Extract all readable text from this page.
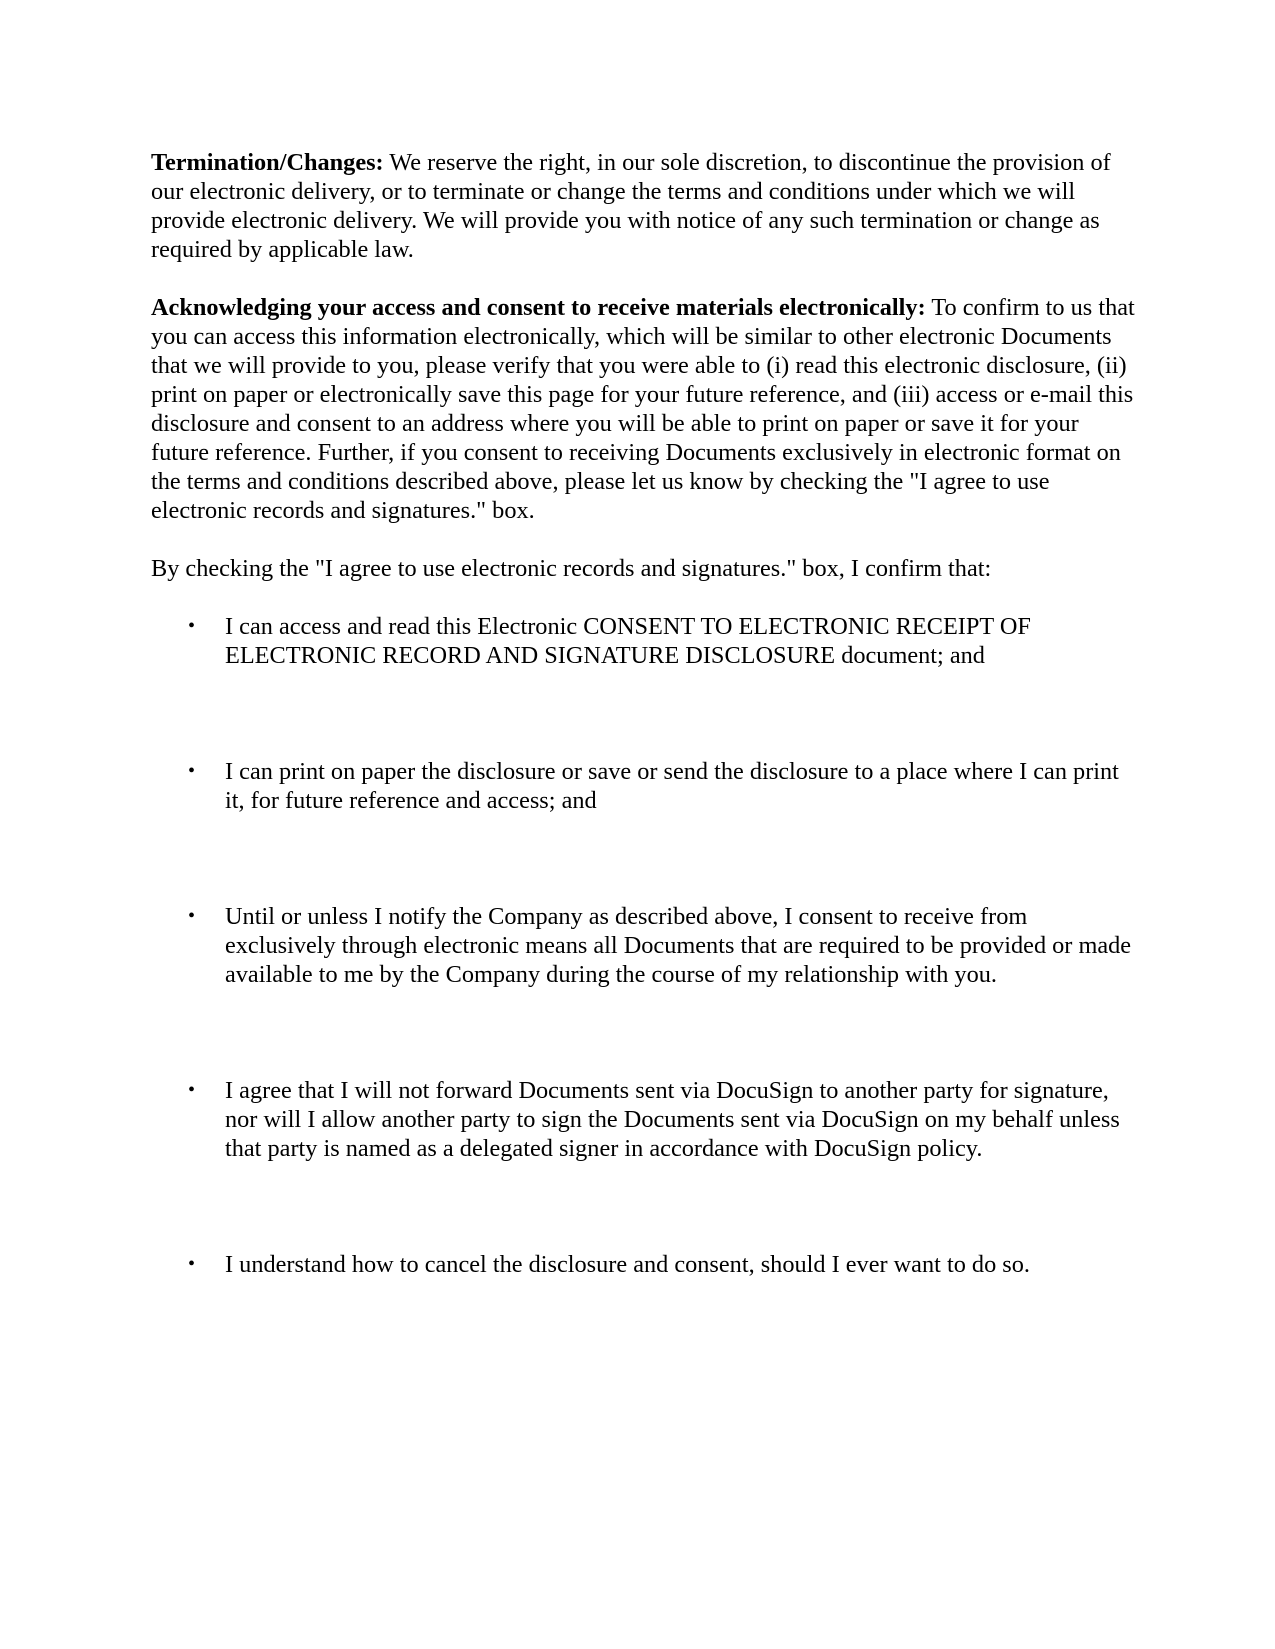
Termination/Changes: We reserve the right, in our sole discretion, to discontinue the provision of our electronic delivery, or to terminate or change the terms and conditions under which we will provide electronic delivery. We will provide you with notice of any such termination or change as required by applicable law.

Acknowledging your access and consent to receive materials electronically: To confirm to us that you can access this information electronically, which will be similar to other electronic Documents that we will provide to you, please verify that you were able to (i) read this electronic disclosure, (ii) print on paper or electronically save this page for your future reference, and (iii) access or e-mail this disclosure and consent to an address where you will be able to print on paper or save it for your future reference. Further, if you consent to receiving Documents exclusively in electronic format on the terms and conditions described above, please let us know by checking the "I agree to use electronic records and signatures." box.

By checking the "I agree to use electronic records and signatures." box, I confirm that:

• I can access and read this Electronic CONSENT TO ELECTRONIC RECEIPT OF ELECTRONIC RECORD AND SIGNATURE DISCLOSURE document; and
• I can print on paper the disclosure or save or send the disclosure to a place where I can print it, for future reference and access; and
• Until or unless I notify the Company as described above, I consent to receive from exclusively through electronic means all Documents that are required to be provided or made available to me by the Company during the course of my relationship with you.
• I agree that I will not forward Documents sent via DocuSign to another party for signature, nor will I allow another party to sign the Documents sent via DocuSign on my behalf unless that party is named as a delegated signer in accordance with DocuSign policy.
• I understand how to cancel the disclosure and consent, should I ever want to do so.
